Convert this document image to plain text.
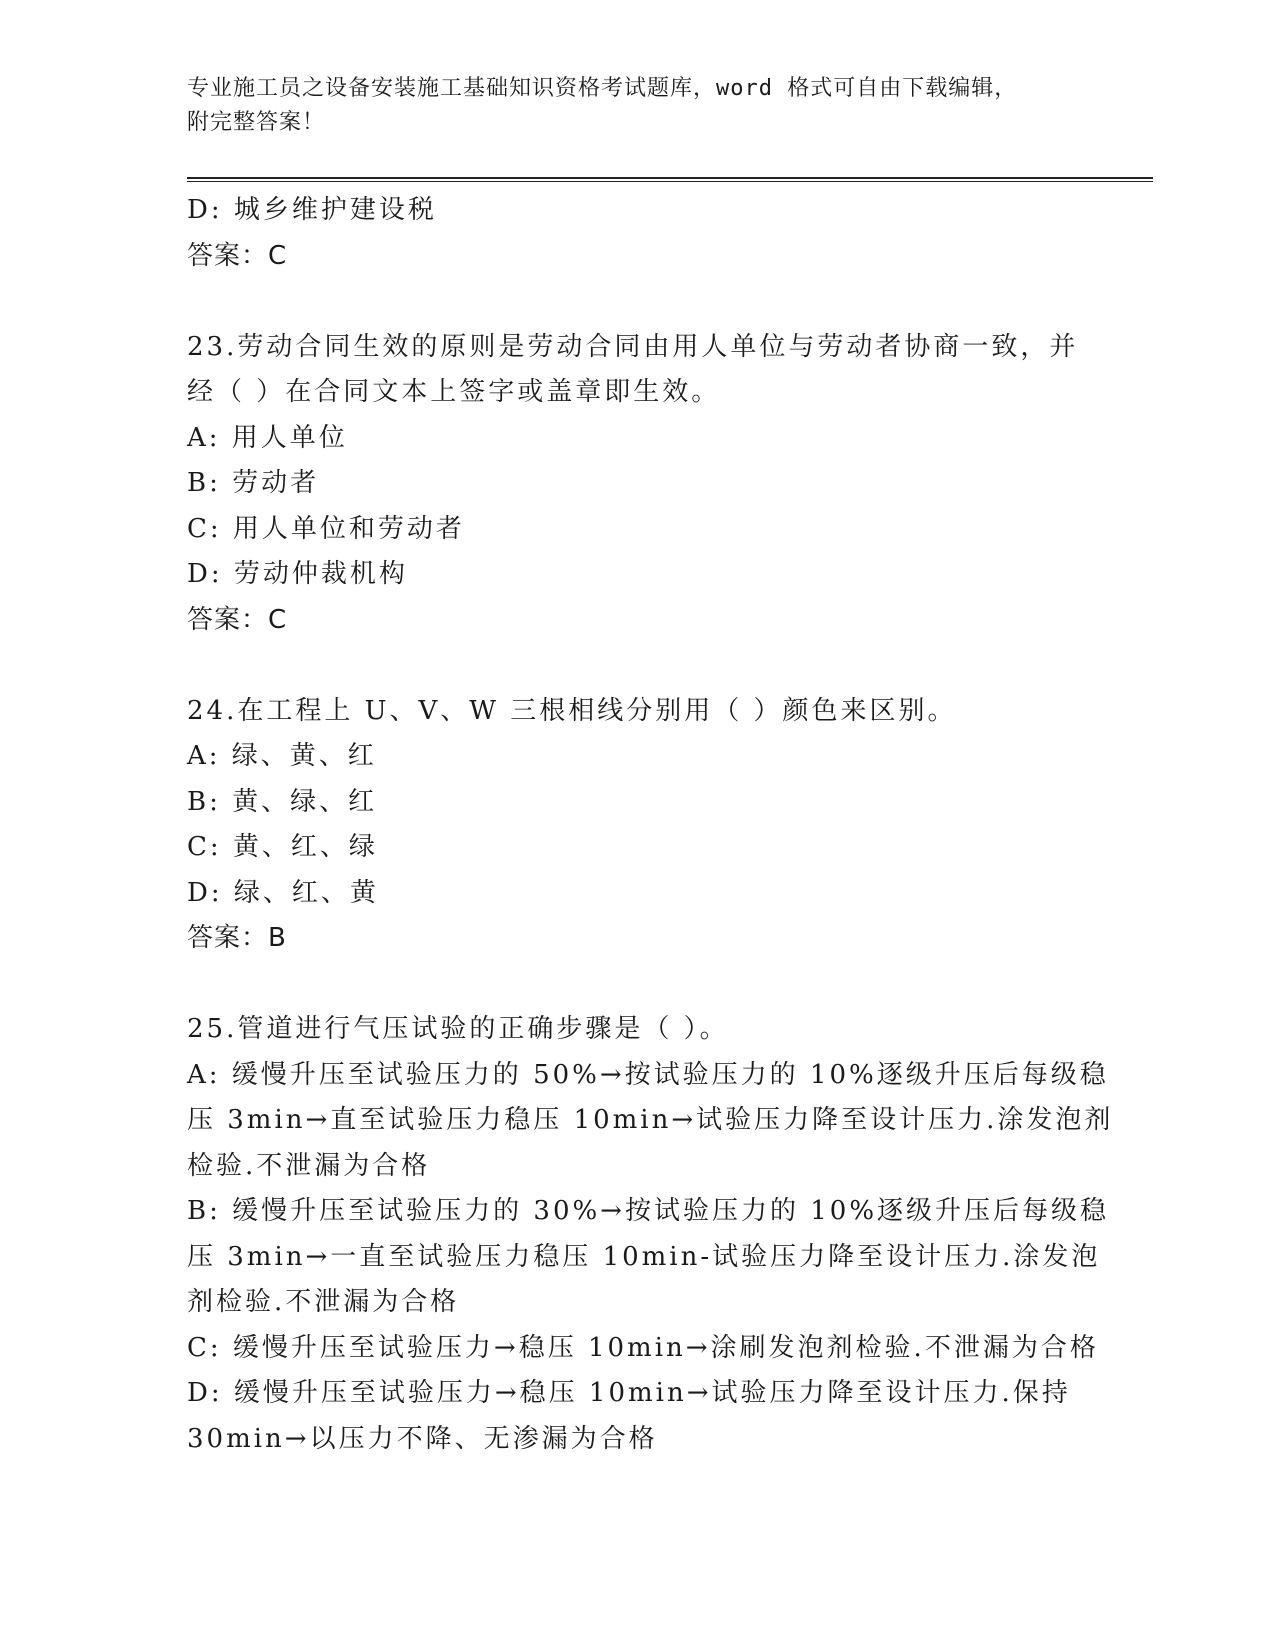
专业施工员之设备安装施工基础知识资格考试题库，word 格式可自由下载编辑，
附完整答案！
D: 城乡维护建设税
答案：C
23.劳动合同生效的原则是劳动合同由用人单位与劳动者协商一致，并
经（ ）在合同文本上签字或盖章即生效。
A: 用人单位
B: 劳动者
C: 用人单位和劳动者
D: 劳动仲裁机构
答案：C
24.在工程上 U、V、W 三根相线分别用（ ）颜色来区别。
A: 绿、黄、红
B: 黄、绿、红
C: 黄、红、绿
D: 绿、红、黄
答案：B
25.管道进行气压试验的正确步骤是（ ）。
A: 缓慢升压至试验压力的 50%→按试验压力的 10%逐级升压后每级稳
压 3min→直至试验压力稳压 10min→试验压力降至设计压力.涂发泡剂
检验.不泄漏为合格
B: 缓慢升压至试验压力的 30%→按试验压力的 10%逐级升压后每级稳
压 3min→一直至试验压力稳压 10min-试验压力降至设计压力.涂发泡
剂检验.不泄漏为合格
C: 缓慢升压至试验压力→稳压 10min→涂刷发泡剂检验.不泄漏为合格
D: 缓慢升压至试验压力→稳压 10min→试验压力降至设计压力.保持
30min→以压力不降、无渗漏为合格
